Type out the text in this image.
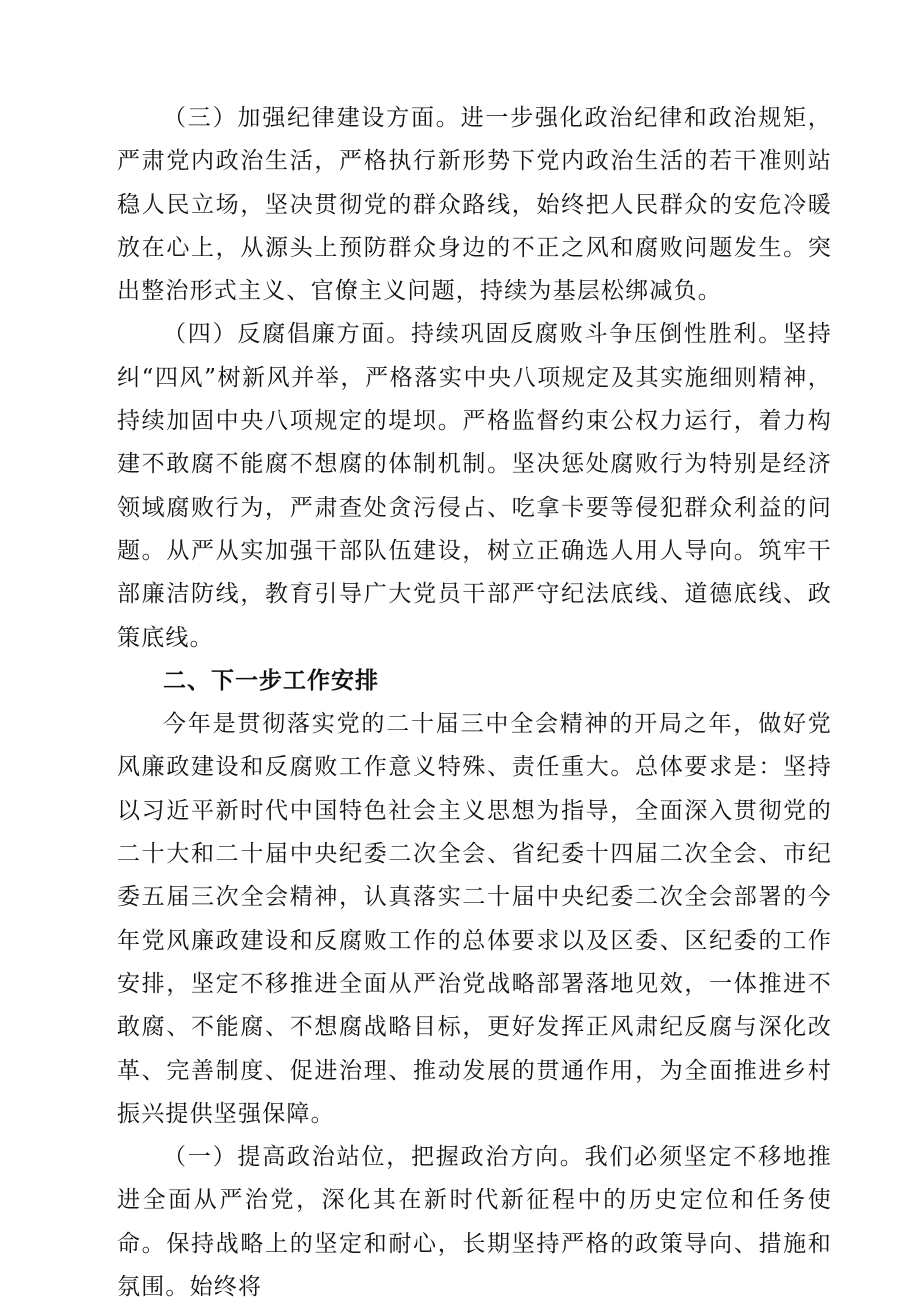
（三）加强纪律建设方面。进一步强化政治纪律和政治规矩，严肃党内政治生活，严格执行新形势下党内政治生活的若干准则站稳人民立场，坚决贯彻党的群众路线，始终把人民群众的安危冷暖放在心上，从源头上预防群众身边的不正之风和腐败问题发生。突出整治形式主义、官僚主义问题，持续为基层松绑减负。

（四）反腐倡廉方面。持续巩固反腐败斗争压倒性胜利。坚持纠“四风”树新风并举，严格落实中央八项规定及其实施细则精神，持续加固中央八项规定的堤坝。严格监督约束公权力运行，着力构建不敢腐不能腐不想腐的体制机制。坚决惩处腐败行为特别是经济领域腐败行为，严肃查处贪污侵占、吃拿卡要等侵犯群众利益的问题。从严从实加强干部队伍建设，树立正确选人用人导向。筑牢干部廉洁防线，教育引导广大党员干部严守纪法底线、道德底线、政策底线。

二、下一步工作安排

今年是贯彻落实党的二十届三中全会精神的开局之年，做好党风廉政建设和反腐败工作意义特殊、责任重大。总体要求是：坚持以习近平新时代中国特色社会主义思想为指导，全面深入贯彻党的二十大和二十届中央纪委二次全会、省纪委十四届二次全会、市纪委五届三次全会精神，认真落实二十届中央纪委二次全会部署的今年党风廉政建设和反腐败工作的总体要求以及区委、区纪委的工作安排，坚定不移推进全面从严治党战略部署落地见效，一体推进不敢腐、不能腐、不想腐战略目标，更好发挥正风肃纪反腐与深化改革、完善制度、促进治理、推动发展的贯通作用，为全面推进乡村振兴提供坚强保障。

（一）提高政治站位，把握政治方向。我们必须坚定不移地推进全面从严治党，深化其在新时代新征程中的历史定位和任务使命。保持战略上的坚定和耐心，长期坚持严格的政策导向、措施和氛围。始终将
